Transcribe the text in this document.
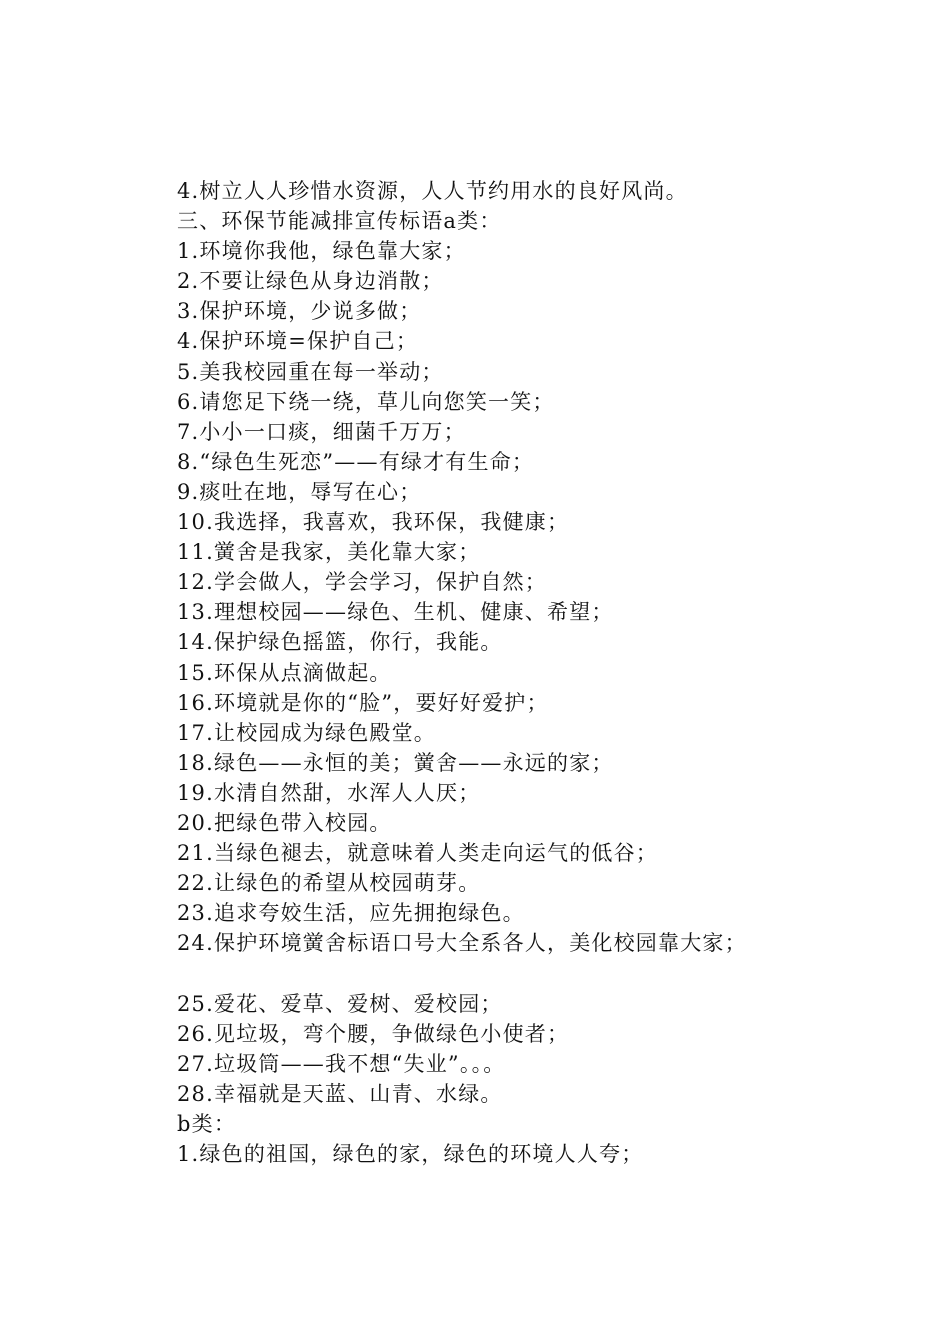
4.树立人人珍惜水资源，人人节约用水的良好风尚。
三、环保节能减排宣传标语a类：
1.环境你我他，绿色靠大家；
2.不要让绿色从身边消散；
3.保护环境，少说多做；
4.保护环境=保护自己；
5.美我校园重在每一举动；
6.请您足下绕一绕，草儿向您笑一笑；
7.小小一口痰，细菌千万万；
8.“绿色生死恋”——有绿才有生命；
9.痰吐在地，辱写在心；
10.我选择，我喜欢，我环保，我健康；
11.黉舍是我家，美化靠大家；
12.学会做人，学会学习，保护自然；
13.理想校园——绿色、生机、健康、希望；
14.保护绿色摇篮，你行，我能。
15.环保从点滴做起。
16.环境就是你的“脸”，要好好爱护；
17.让校园成为绿色殿堂。
18.绿色——永恒的美；黉舍——永远的家；
19.水清自然甜，水浑人人厌；
20.把绿色带入校园。
21.当绿色褪去，就意味着人类走向运气的低谷；
22.让绿色的希望从校园萌芽。
23.追求夸姣生活，应先拥抱绿色。
24.保护环境黉舍标语口号大全系各人，美化校园靠大家；
25.爱花、爱草、爱树、爱校园；
26.见垃圾，弯个腰，争做绿色小使者；
27.垃圾筒——我不想“失业”。。。
28.幸福就是天蓝、山青、水绿。
b类：
1.绿色的祖国，绿色的家，绿色的环境人人夸；
